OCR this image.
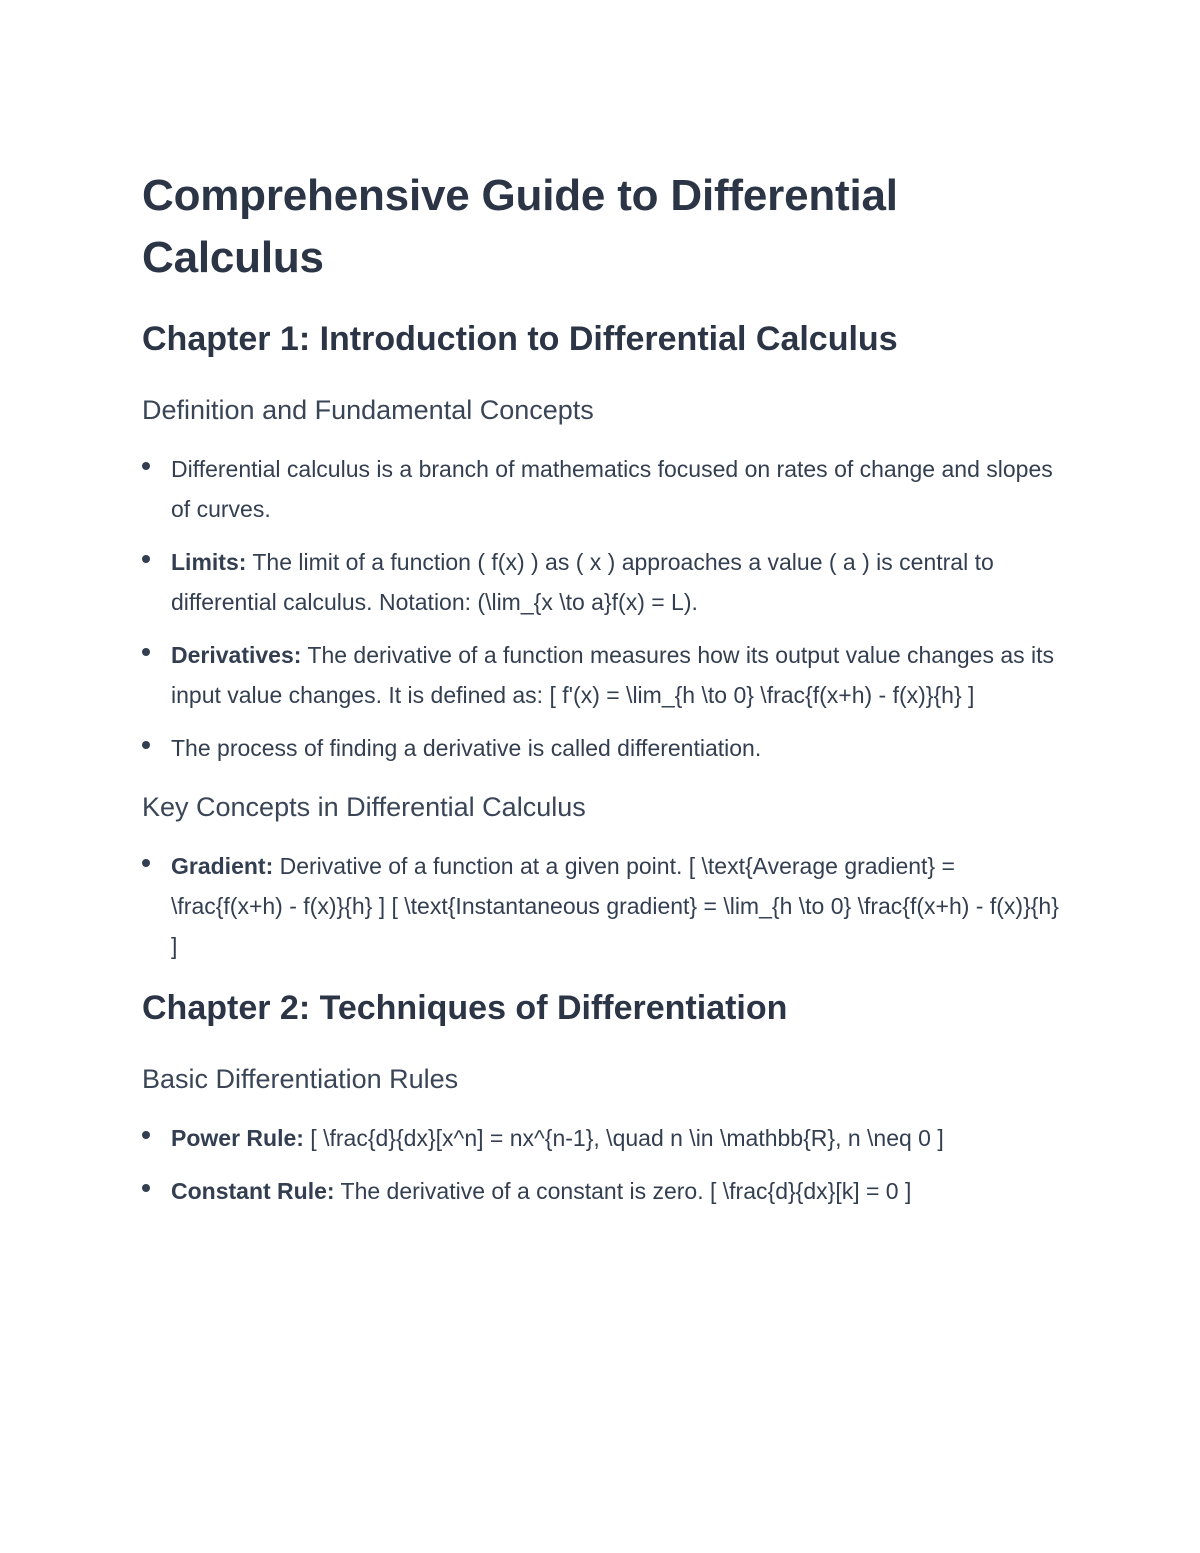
Comprehensive Guide to Differential Calculus
Chapter 1: Introduction to Differential Calculus
Definition and Fundamental Concepts
Differential calculus is a branch of mathematics focused on rates of change and slopes of curves.
Limits: The limit of a function ( f(x) ) as ( x ) approaches a value ( a ) is central to differential calculus. Notation: (\lim_{x \to a}f(x) = L).
Derivatives: The derivative of a function measures how its output value changes as its input value changes. It is defined as: [ f'(x) = \lim_{h \to 0} \frac{f(x+h) - f(x)}{h} ]
The process of finding a derivative is called differentiation.
Key Concepts in Differential Calculus
Gradient: Derivative of a function at a given point. [ \text{Average gradient} = \frac{f(x+h) - f(x)}{h} ] [ \text{Instantaneous gradient} = \lim_{h \to 0} \frac{f(x+h) - f(x)}{h} ]
Chapter 2: Techniques of Differentiation
Basic Differentiation Rules
Power Rule: [ \frac{d}{dx}[x^n] = nx^{n-1}, \quad n \in \mathbb{R}, n \neq 0 ]
Constant Rule: The derivative of a constant is zero. [ \frac{d}{dx}[k] = 0 ]
